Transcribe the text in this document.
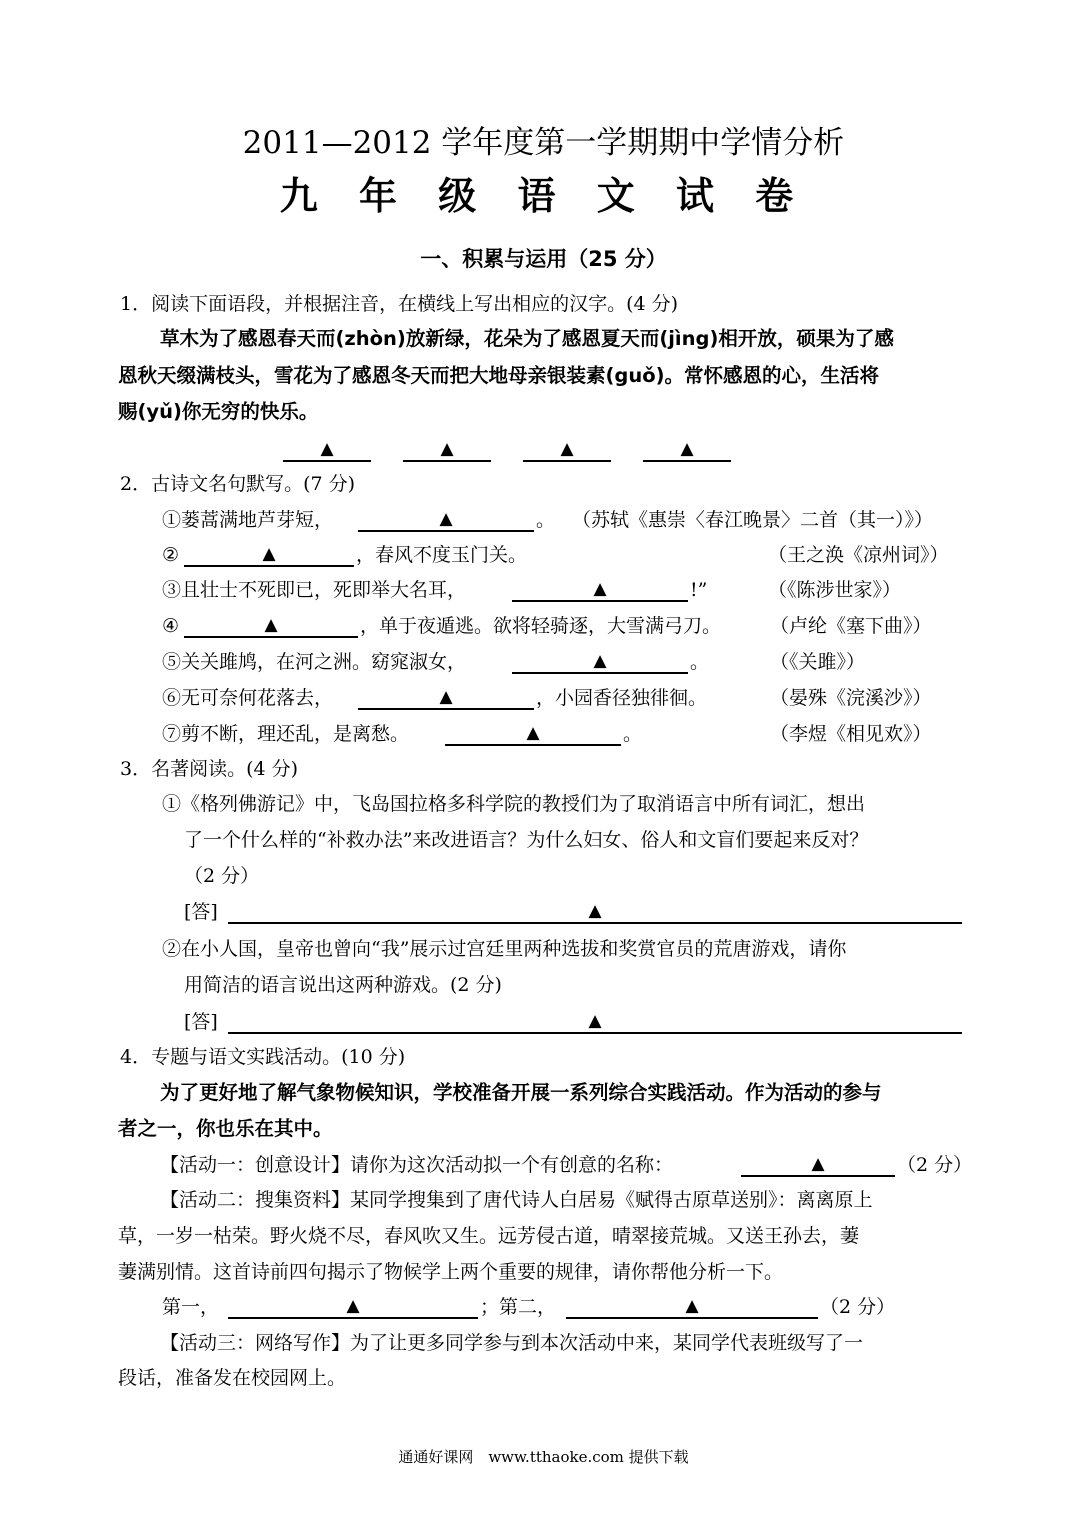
2011—2012 学年度第一学期期中学情分析
九 年 级 语 文 试 卷
一、积累与运用（25 分）
1．阅读下面语段，并根据注音，在横线上写出相应的汉字。(4 分)
草木为了感恩春天而(zhòn)放新绿，花朵为了感恩夏天而(jìng)相开放，硕果为了感
恩秋天缀满枝头，雪花为了感恩冬天而把大地母亲银装素(guǒ)。常怀感恩的心，生活将
赐(yǔ)你无穷的快乐。
▲	▲	▲	▲
2．古诗文名句默写。(7 分)
①蒌蒿满地芦芽短，	▲	。 （苏轼《惠崇〈春江晚景〉二首（其一）》）
②	▲	，春风不度玉门关。	（王之涣《凉州词》）
③且壮士不死即已，死即举大名耳，	▲	!”	（《陈涉世家》）
④	▲	，单于夜遁逃。欲将轻骑逐，大雪满弓刀。	（卢纶《塞下曲》）
⑤关关雎鸠，在河之洲。窈窕淑女，	▲	。	（《关雎》）
⑥无可奈何花落去，	▲	，小园香径独徘徊。	（晏殊《浣溪沙》）
⑦剪不断，理还乱，是离愁。	▲	。	（李煜《相见欢》）
3．名著阅读。(4 分)
①《格列佛游记》中，飞岛国拉格多科学院的教授们为了取消语言中所有词汇，想出
了一个什么样的“补救办法”来改进语言？为什么妇女、俗人和文盲们要起来反对？
（2 分）
[答]	▲
②在小人国，皇帝也曾向“我”展示过宫廷里两种选拔和奖赏官员的荒唐游戏，请你
用简洁的语言说出这两种游戏。(2 分)
[答]	▲
4．专题与语文实践活动。(10 分)
为了更好地了解气象物候知识，学校准备开展一系列综合实践活动。作为活动的参与
者之一，你也乐在其中。
【活动一：创意设计】请你为这次活动拟一个有创意的名称：	▲	（2 分）
【活动二：搜集资料】某同学搜集到了唐代诗人白居易《赋得古原草送别》：离离原上
草，一岁一枯荣。野火烧不尽，春风吹又生。远芳侵古道，晴翠接荒城。又送王孙去，萋
萋满别情。这首诗前四句揭示了物候学上两个重要的规律，请你帮他分析一下。
第一，	▲	；第二，	▲	（2 分）
【活动三：网络写作】为了让更多同学参与到本次活动中来，某同学代表班级写了一
段话，准备发在校园网上。
通通好课网　www.tthaoke.com 提供下载
